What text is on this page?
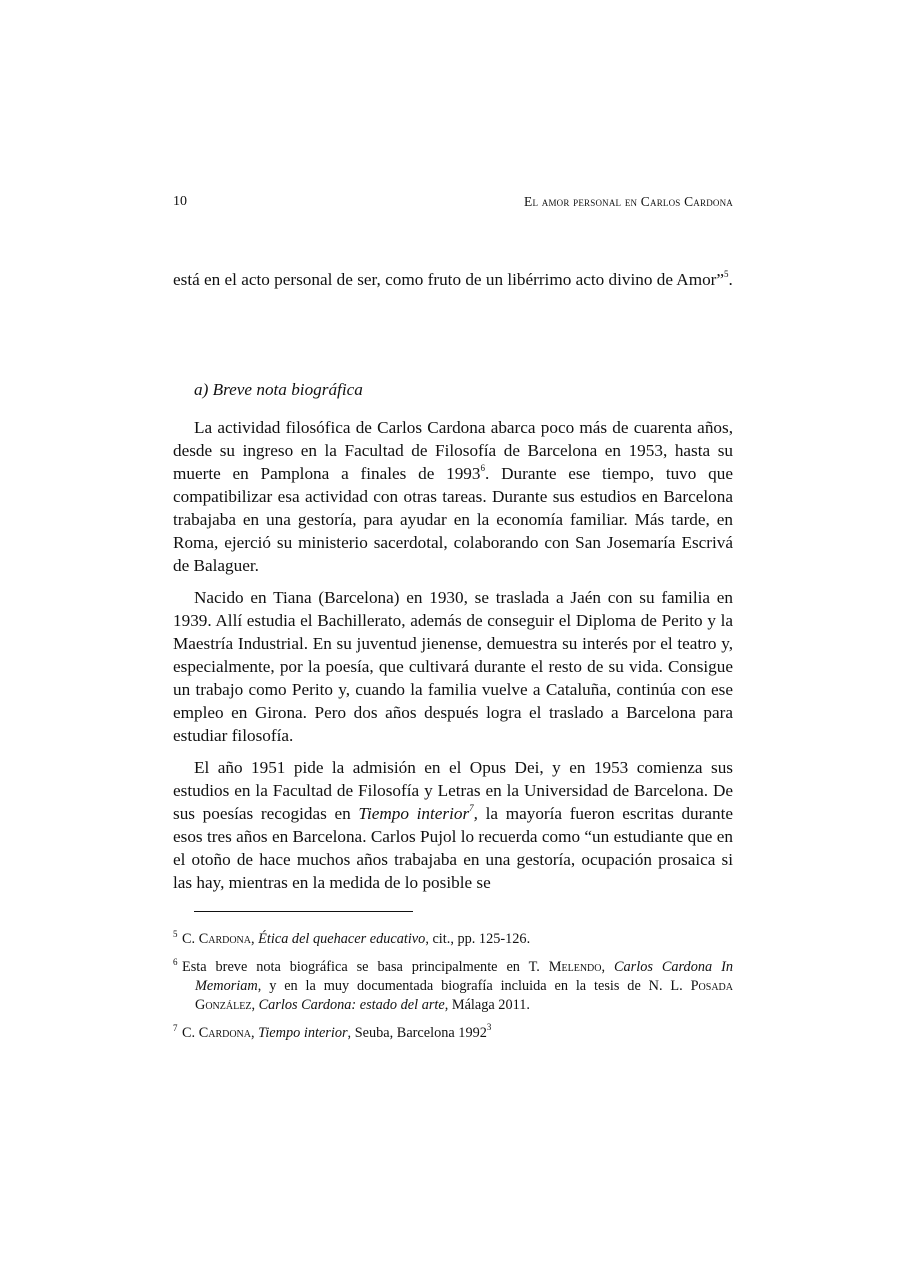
10	El amor personal en Carlos Cardona

está en el acto personal de ser, como fruto de un libérrimo acto divino de Amor”$^5$.

a) Breve nota biográfica

La actividad filosófica de Carlos Cardona abarca poco más de cuarenta años, desde su ingreso en la Facultad de Filosofía de Barcelona en 1953, hasta su muerte en Pamplona a finales de 1993$^6$. Durante ese tiempo, tuvo que compatibilizar esa actividad con otras tareas. Durante sus estudios en Barcelona trabajaba en una gestoría, para ayudar en la economía familiar. Más tarde, en Roma, ejerció su ministerio sacerdotal, colaborando con San Josemaría Escrivá de Balaguer.

Nacido en Tiana (Barcelona) en 1930, se traslada a Jaén con su familia en 1939. Allí estudia el Bachillerato, además de conseguir el Diploma de Perito y la Maestría Industrial. En su juventud jienense, demuestra su interés por el teatro y, especialmente, por la poesía, que cultivará durante el resto de su vida. Consigue un trabajo como Perito y, cuando la familia vuelve a Cataluña, continúa con ese empleo en Girona. Pero dos años después logra el traslado a Barcelona para estudiar filosofía.

El año 1951 pide la admisión en el Opus Dei, y en 1953 comienza sus estudios en la Facultad de Filosofía y Letras en la Universidad de Barcelona. De sus poesías recogidas en Tiempo interior$^7$, la mayoría fueron escritas durante esos tres años en Barcelona. Carlos Pujol lo recuerda como “un estudiante que en el otoño de hace muchos años trabajaba en una gestoría, ocupación prosaica si las hay, mientras en la medida de lo posible se

5 C. Cardona, Ética del quehacer educativo, cit., pp. 125-126.

6 Esta breve nota biográfica se basa principalmente en T. Melendo, Carlos Cardona In Memoriam, y en la muy documentada biografía incluida en la tesis de N. L. Posada González, Carlos Cardona: estado del arte, Málaga 2011.

7 C. Cardona, Tiempo interior, Seuba, Barcelona 1992$^3$
